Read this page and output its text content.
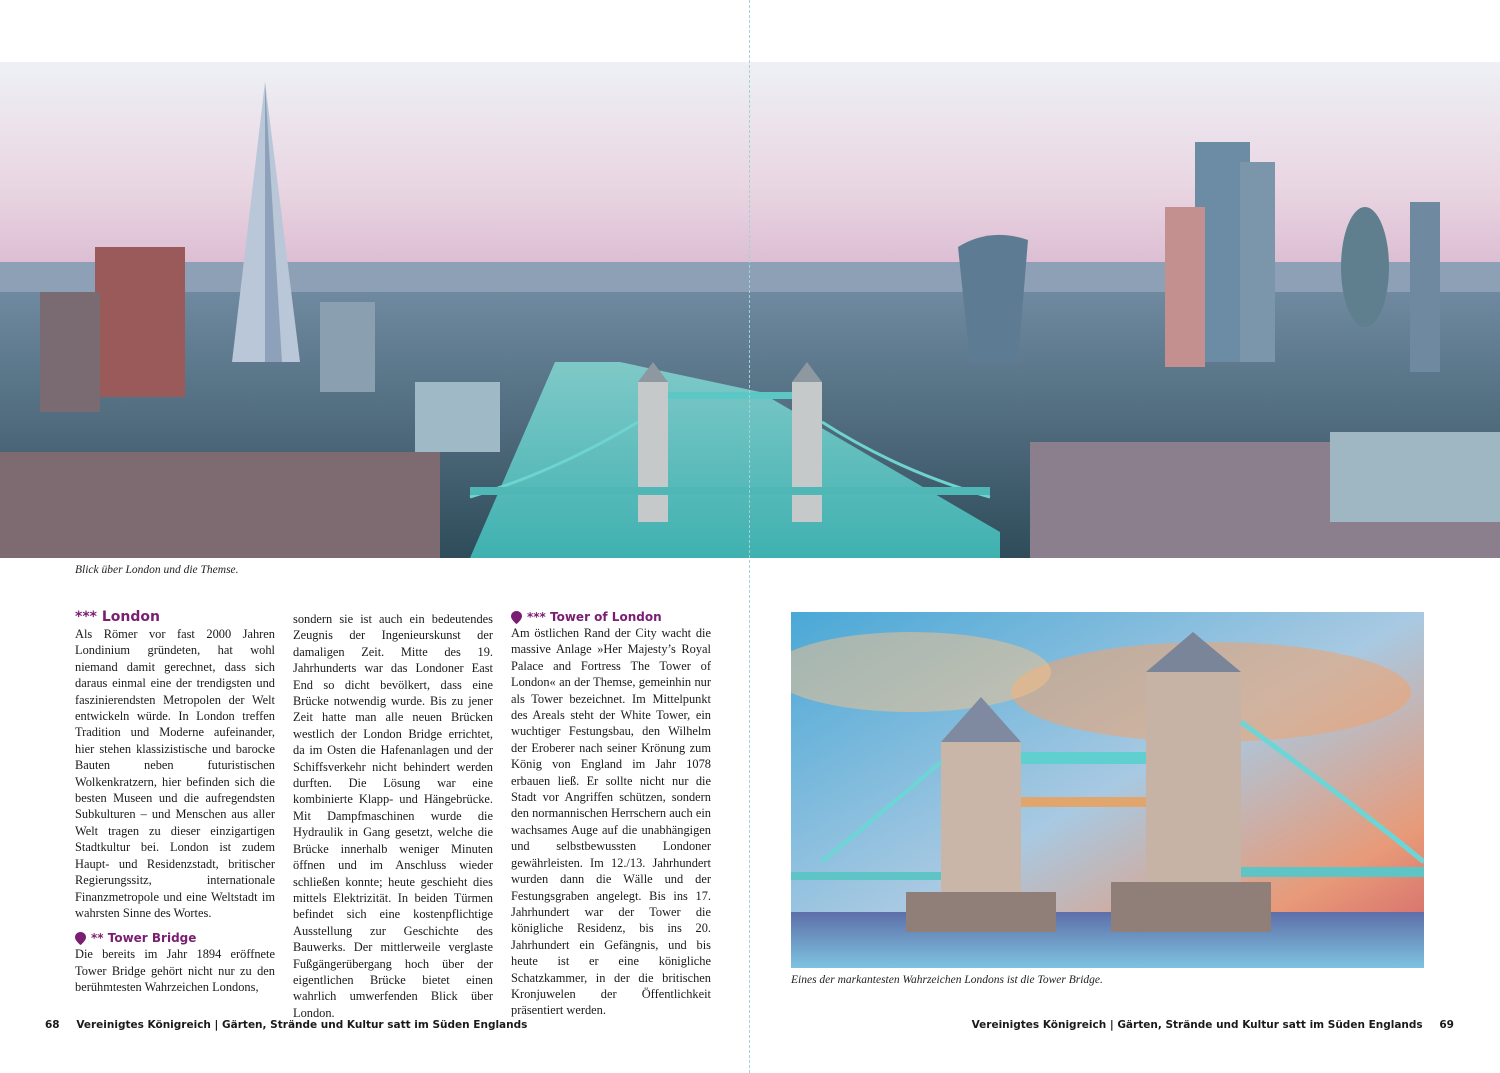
Blick über London und die Themse.
Eines der markantesten Wahrzeichen Londons ist die Tower Bridge.
*** London

Als Römer vor fast 2000 Jahren Londinium gründeten, hat wohl niemand damit gerechnet, dass sich daraus einmal eine der trendigsten und faszinierendsten Metropolen der Welt entwickeln würde. In London treffen Tradition und Moderne aufeinander, hier stehen klassizistische und barocke Bauten neben futuristischen Wolkenkratzern, hier befinden sich die besten Museen und die aufregendsten Subkulturen – und Menschen aus aller Welt tragen zu dieser einzigartigen Stadtkultur bei. London ist zudem Haupt- und Residenzstadt, britischer Regierungssitz, internationale Finanzmetropole und eine Weltstadt im wahrsten Sinne des Wortes.

** Tower Bridge

Die bereits im Jahr 1894 eröffnete Tower Bridge gehört nicht nur zu den berühmtesten Wahrzeichen Londons,

sondern sie ist auch ein bedeutendes Zeugnis der Ingenieurskunst der damaligen Zeit. Mitte des 19. Jahrhunderts war das Londoner East End so dicht bevölkert, dass eine Brücke notwendig wurde. Bis zu jener Zeit hatte man alle neuen Brücken westlich der London Bridge errichtet, da im Osten die Hafenanlagen und der Schiffsverkehr nicht behindert werden durften. Die Lösung war eine kombinierte Klapp- und Hängebrücke. Mit Dampfmaschinen wurde die Hydraulik in Gang gesetzt, welche die Brücke innerhalb weniger Minuten öffnen und im Anschluss wieder schließen konnte; heute geschieht dies mittels Elektrizität. In beiden Türmen befindet sich eine kostenpflichtige Ausstellung zur Geschichte des Bauwerks. Der mittlerweile verglaste Fußgängerübergang hoch über der eigentlichen Brücke bietet einen wahrlich umwerfenden Blick über London.

*** Tower of London

Am östlichen Rand der City wacht die massive Anlage »Her Majesty’s Royal Palace and Fortress The Tower of London« an der Themse, gemeinhin nur als Tower bezeichnet. Im Mittelpunkt des Areals steht der White Tower, ein wuchtiger Festungsbau, den Wilhelm der Eroberer nach seiner Krönung zum König von England im Jahr 1078 erbauen ließ. Er sollte nicht nur die Stadt vor Angriffen schützen, sondern den normannischen Herrschern auch ein wachsames Auge auf die unabhängigen und selbstbewussten Londoner gewährleisten. Im 12./13. Jahrhundert wurden dann die Wälle und der Festungsgraben angelegt. Bis ins 17. Jahrhundert war der Tower die königliche Residenz, bis ins 20. Jahrhundert ein Gefängnis, und bis heute ist er eine königliche Schatzkammer, in der die britischen Kronjuwelen der Öffentlichkeit präsentiert werden.

68 Vereinigtes Königreich | Gärten, Strände und Kultur satt im Süden Englands	Vereinigtes Königreich | Gärten, Strände und Kultur satt im Süden Englands 69
